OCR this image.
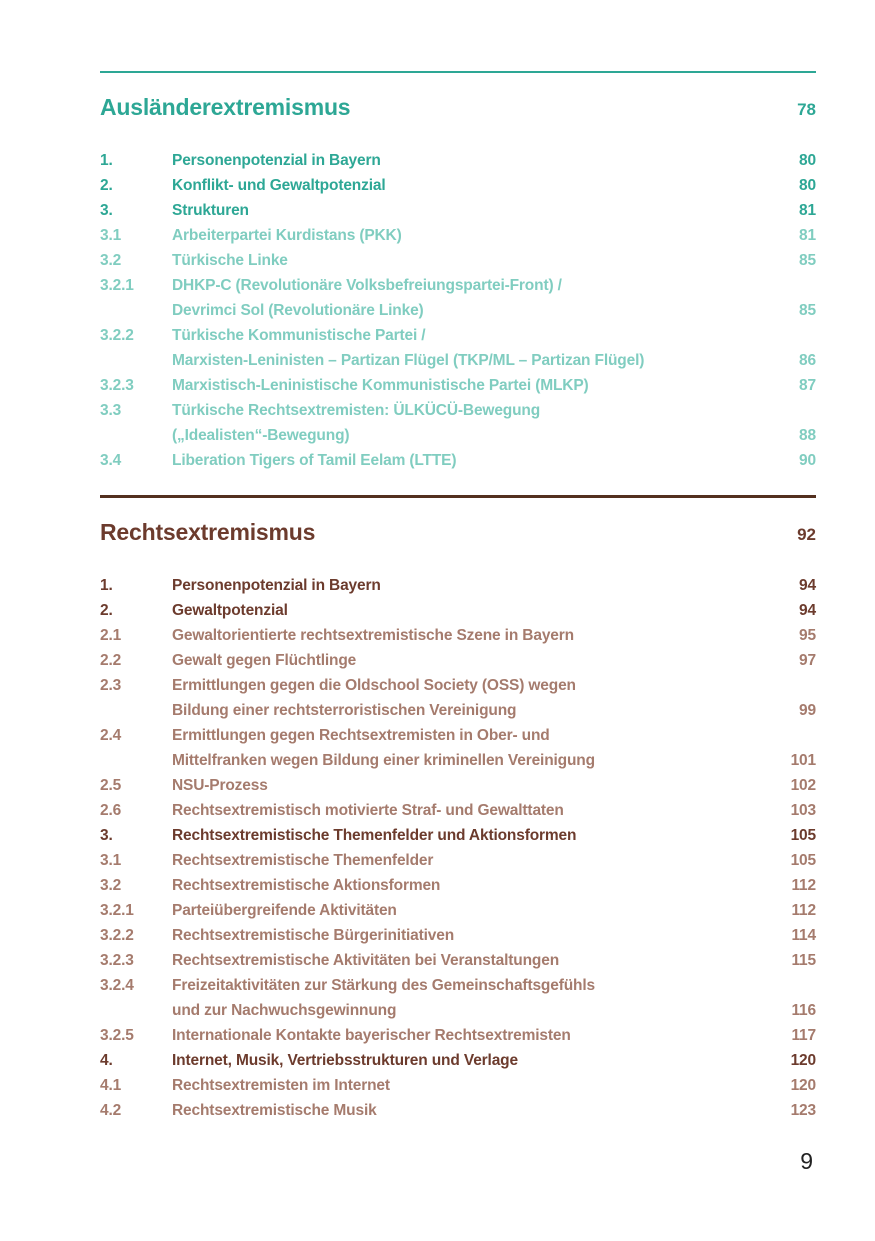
Ausländerextremismus	78
1.	Personenpotenzial in Bayern	80
2.	Konflikt- und Gewaltpotenzial	80
3.	Strukturen	81
3.1	Arbeiterpartei Kurdistans (PKK)	81
3.2	Türkische Linke	85
3.2.1	DHKP-C (Revolutionäre Volksbefreiungspartei-Front) /
Devrimci Sol (Revolutionäre Linke)	85
3.2.2	Türkische Kommunistische Partei /
Marxisten-Leninisten – Partizan Flügel (TKP/ML – Partizan Flügel)	86
3.2.3	Marxistisch-Leninistische Kommunistische Partei (MLKP)	87
3.3	Türkische Rechtsextremisten: ÜLKÜCÜ-Bewegung
(„Idealisten“-Bewegung)	88
3.4	Liberation Tigers of Tamil Eelam (LTTE)	90
Rechtsextremismus	92
1.	Personenpotenzial in Bayern	94
2.	Gewaltpotenzial	94
2.1	Gewaltorientierte rechtsextremistische Szene in Bayern	95
2.2	Gewalt gegen Flüchtlinge	97
2.3	Ermittlungen gegen die Oldschool Society (OSS) wegen
Bildung einer rechtsterroristischen Vereinigung	99
2.4	Ermittlungen gegen Rechtsextremisten in Ober- und
Mittelfranken wegen Bildung einer kriminellen Vereinigung	101
2.5	NSU-Prozess	102
2.6	Rechtsextremistisch motivierte Straf- und Gewalttaten	103
3.	Rechtsextremistische Themenfelder und Aktionsformen	105
3.1	Rechtsextremistische Themenfelder	105
3.2	Rechtsextremistische Aktionsformen	112
3.2.1	Parteiübergreifende Aktivitäten	112
3.2.2	Rechtsextremistische Bürgerinitiativen	114
3.2.3	Rechtsextremistische Aktivitäten bei Veranstaltungen	115
3.2.4	Freizeitaktivitäten zur Stärkung des Gemeinschaftsgefühls
und zur Nachwuchsgewinnung	116
3.2.5	Internationale Kontakte bayerischer Rechtsextremisten	117
4.	Internet, Musik, Vertriebsstrukturen und Verlage	120
4.1	Rechtsextremisten im Internet	120
4.2	Rechtsextremistische Musik	123
9
